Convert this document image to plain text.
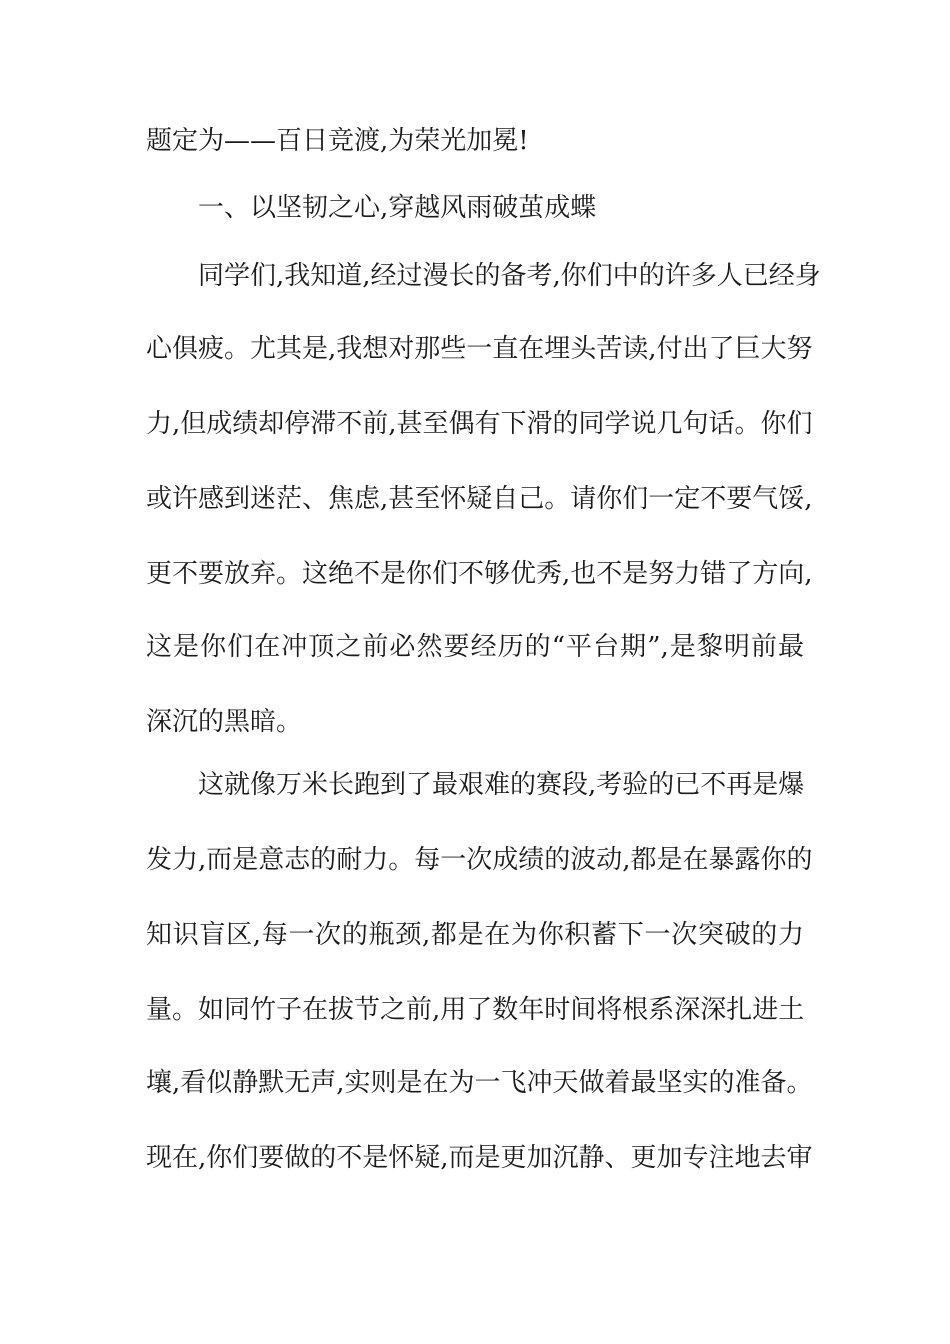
题定为——百日竞渡,为荣光加冕!
一、以坚韧之心,穿越风雨破茧成蝶
同学们,我知道,经过漫长的备考,你们中的许多人已经身
心俱疲。尤其是,我想对那些一直在埋头苦读,付出了巨大努
力,但成绩却停滞不前,甚至偶有下滑的同学说几句话。你们
或许感到迷茫、焦虑,甚至怀疑自己。请你们一定不要气馁,
更不要放弃。这绝不是你们不够优秀,也不是努力错了方向,
这是你们在冲顶之前必然要经历的“平台期”,是黎明前最
深沉的黑暗。
这就像万米长跑到了最艰难的赛段,考验的已不再是爆
发力,而是意志的耐力。每一次成绩的波动,都是在暴露你的
知识盲区,每一次的瓶颈,都是在为你积蓄下一次突破的力
量。如同竹子在拔节之前,用了数年时间将根系深深扎进土
壤,看似静默无声,实则是在为一飞冲天做着最坚实的准备。
现在,你们要做的不是怀疑,而是更加沉静、更加专注地去审
